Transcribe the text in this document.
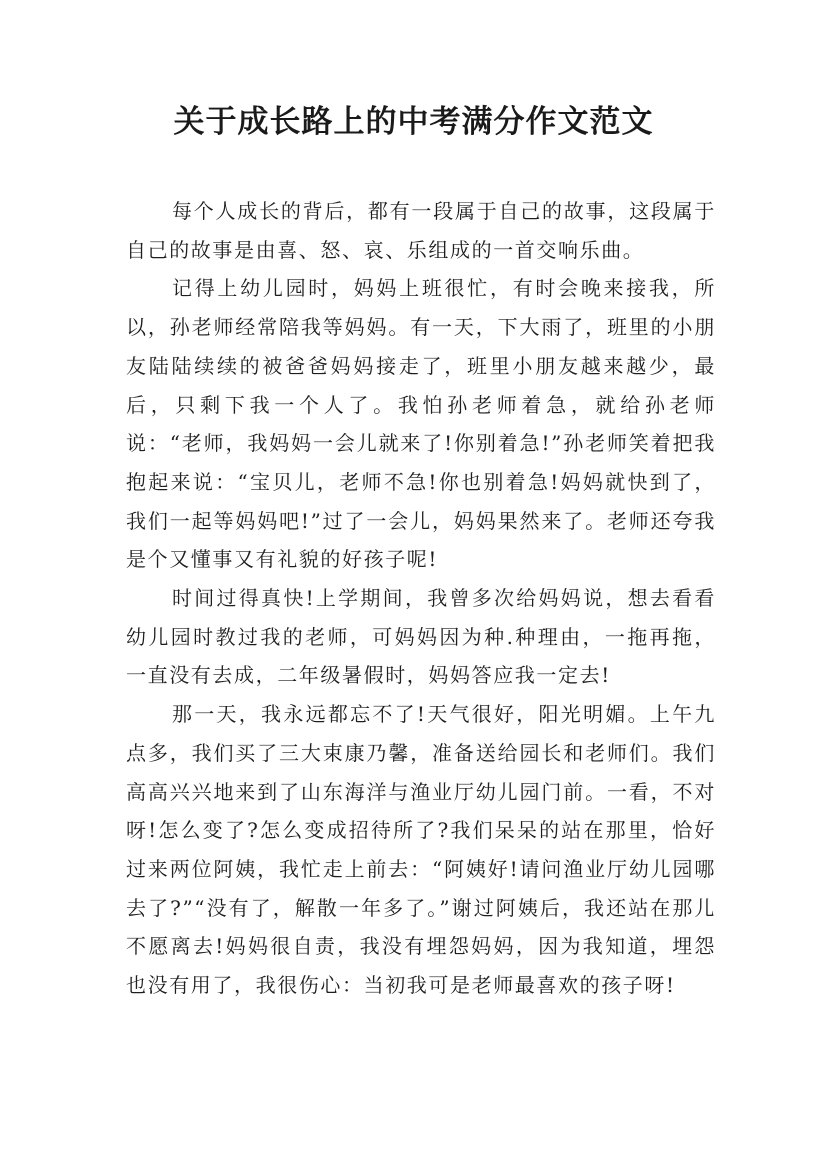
关于成长路上的中考满分作文范文

每个人成长的背后，都有一段属于自己的故事，这段属于自己的故事是由喜、怒、哀、乐组成的一首交响乐曲。

记得上幼儿园时，妈妈上班很忙，有时会晚来接我，所以，孙老师经常陪我等妈妈。有一天，下大雨了，班里的小朋友陆陆续续的被爸爸妈妈接走了，班里小朋友越来越少，最后，只剩下我一个人了。我怕孙老师着急，就给孙老师说：“老师，我妈妈一会儿就来了!你别着急!”孙老师笑着把我抱起来说：“宝贝儿，老师不急!你也别着急!妈妈就快到了，我们一起等妈妈吧!”过了一会儿，妈妈果然来了。老师还夸我是个又懂事又有礼貌的好孩子呢!

时间过得真快!上学期间，我曾多次给妈妈说，想去看看幼儿园时教过我的老师，可妈妈因为种.种理由，一拖再拖，一直没有去成，二年级暑假时，妈妈答应我一定去!

那一天，我永远都忘不了!天气很好，阳光明媚。上午九点多，我们买了三大束康乃馨，准备送给园长和老师们。我们高高兴兴地来到了山东海洋与渔业厅幼儿园门前。一看，不对呀!怎么变了?怎么变成招待所了?我们呆呆的站在那里，恰好过来两位阿姨，我忙走上前去：“阿姨好!请问渔业厅幼儿园哪去了?”“没有了，解散一年多了。”谢过阿姨后，我还站在那儿不愿离去!妈妈很自责，我没有埋怨妈妈，因为我知道，埋怨也没有用了，我很伤心：当初我可是老师最喜欢的孩子呀!
